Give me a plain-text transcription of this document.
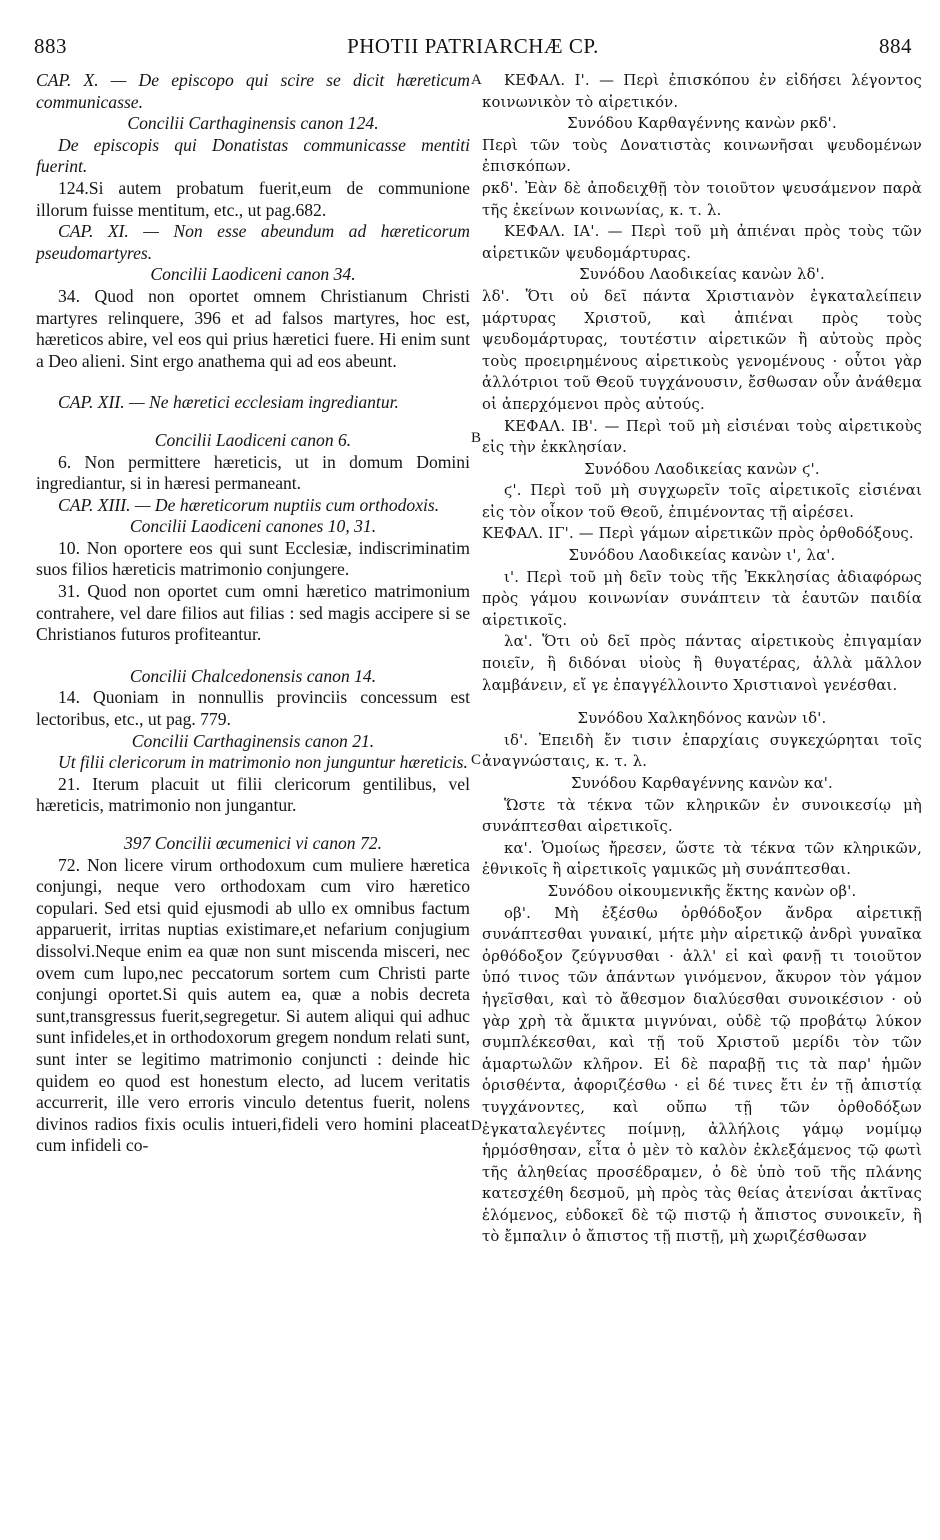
883	PHOTII PATRIARCHÆ CP.	884
CAP. X. — De episcopo qui scire se dicit hæreticum communicasse.
Concilii Carthaginensis canon 124.
De episcopis qui Donatistas communicasse mentiti fuerint.
124.Si autem probatum fuerit,eum de communione illorum fuisse mentitum, etc., ut pag.682.
CAP. XI. — Non esse abeundum ad hæreticorum pseudomartyres.
Concilii Laodiceni canon 34.
34. Quod non oportet omnem Christianum Christi martyres relinquere, 396 et ad falsos martyres, hoc est, hæreticos abire, vel eos qui prius hæretici fuere. Hi enim sunt a Deo alieni. Sint ergo anathema qui ad eos abeunt.
CAP. XII. — Ne hæretici ecclesiam ingrediantur.
Concilii Laodiceni canon 6.
6. Non permittere hæreticis, ut in domum Domini ingrediantur, si in hæresi permaneant.
CAP. XIII. — De hæreticorum nuptiis cum orthodoxis.
Concilii Laodiceni canones 10, 31.
10. Non oportere eos qui sunt Ecclesiæ, indiscriminatim suos filios hæreticis matrimonio conjungere.
31. Quod non oportet cum omni hæretico matrimonium contrahere, vel dare filios aut filias : sed magis accipere si se Christianos futuros profiteantur.
Concilii Chalcedonensis canon 14.
14. Quoniam in nonnullis provinciis concessum est lectoribus, etc., ut pag. 779.
Concilii Carthaginensis canon 21.
Ut filii clericorum in matrimonio non junguntur hæreticis.
21. Iterum placuit ut filii clericorum gentilibus, vel hæreticis, matrimonio non jungantur.
397 Concilii œcumenici vi canon 72.
72. Non licere virum orthodoxum cum muliere hæretica conjungi, neque vero orthodoxam cum viro hæretico copulari. Sed etsi quid ejusmodi ab ullo ex omnibus factum apparuerit, irritas nuptias existimare,et nefarium conjugium dissolvi.Neque enim ea quæ non sunt miscenda misceri, nec ovem cum lupo,nec peccatorum sortem cum Christi parte conjungi oportet.Si quis autem ea, quæ a nobis decreta sunt,transgressus fuerit,segregetur. Si autem aliqui qui adhuc sunt infideles,et in orthodoxorum gregem nondum relati sunt, sunt inter se legitimo matrimonio conjuncti : deinde hic quidem eo quod est honestum electo, ad lucem veritatis accurrerit, ille vero erroris vinculo detentus fuerit, nolens divinos radios fixis oculis intueri,fideli vero homini placeat cum infideli co-
ΚΕΦΑΛ. Ι'. — Περὶ ἐπισκόπου ἐν εἰδήσει λέγοντος κοινωνικὸν τὸ αἱρετικόν.
Συνόδου Καρθαγέννης κανὼν ρκδ'.
Περὶ τῶν τοὺς Δονατιστὰς κοινωνῆσαι ψευδομένων ἐπισκόπων.
ρκδ'. Ἐὰν δὲ ἀποδειχθῇ τὸν τοιοῦτον ψευσάμενον παρὰ τῆς ἐκείνων κοινωνίας, κ. τ. λ.
ΚΕΦΑΛ. ΙΑ'. — Περὶ τοῦ μὴ ἀπιέναι πρὸς τοὺς τῶν αἱρετικῶν ψευδομάρτυρας.
Συνόδου Λαοδικείας κανὼν λδ'.
λδ'. Ὅτι οὐ δεῖ πάντα Χριστιανὸν ἐγκαταλείπειν μάρτυρας Χριστοῦ, καὶ ἀπιέναι πρὸς τοὺς ψευδομάρτυρας, τουτέστιν αἱρετικῶν ἢ αὐτοὺς πρὸς τοὺς προειρημένους αἱρετικοὺς γενομένους · οὗτοι γὰρ ἀλλότριοι τοῦ Θεοῦ τυγχάνουσιν, ἔσθωσαν οὖν ἀνάθεμα οἱ ἀπερχόμενοι πρὸς αὐτούς.
ΚΕΦΑΛ. ΙΒ'. — Περὶ τοῦ μὴ εἰσιέναι τοὺς αἱρετικοὺς εἰς τὴν ἐκκλησίαν.
Συνόδου Λαοδικείας κανὼν ϛ'.
ϛ'. Περὶ τοῦ μὴ συγχωρεῖν τοῖς αἱρετικοῖς εἰσιέναι εἰς τὸν οἶκον τοῦ Θεοῦ, ἐπιμένοντας τῇ αἱρέσει.
ΚΕΦΑΛ. ΙΓ'. — Περὶ γάμων αἱρετικῶν πρὸς ὀρθοδόξους.
Συνόδου Λαοδικείας κανὼν ι', λα'.
ι'. Περὶ τοῦ μὴ δεῖν τοὺς τῆς Ἐκκλησίας ἀδιαφόρως πρὸς γάμου κοινωνίαν συνάπτειν τὰ ἑαυτῶν παιδία αἱρετικοῖς.
λα'. Ὅτι οὐ δεῖ πρὸς πάντας αἱρετικοὺς ἐπιγαμίαν ποιεῖν, ἢ διδόναι υἱοὺς ἢ θυγατέρας, ἀλλὰ μᾶλλον λαμβάνειν, εἴ γε ἐπαγγέλλοιντο Χριστιανοὶ γενέσθαι.
Συνόδου Χαλκηδόνος κανὼν ιδ'.
ιδ'. Ἐπειδὴ ἔν τισιν ἐπαρχίαις συγκεχώρηται τοῖς ἀναγνώσταις, κ. τ. λ.
Συνόδου Καρθαγέννης κανὼν κα'.
Ὥστε τὰ τέκνα τῶν κληρικῶν ἐν συνοικεσίῳ μὴ συνάπτεσθαι αἱρετικοῖς.
κα'. Ὁμοίως ἤρεσεν, ὥστε τὰ τέκνα τῶν κληρικῶν, ἐθνικοῖς ἢ αἱρετικοῖς γαμικῶς μὴ συνάπτεσθαι.
Συνόδου οἰκουμενικῆς ἕκτης κανὼν οβ'.
οβ'. Μὴ ἐξέσθω ὀρθόδοξον ἄνδρα αἱρετικῇ συνάπτεσθαι γυναικί, μήτε μὴν αἱρετικῷ ἀνδρὶ γυναῖκα ὀρθόδοξον ζεύγνυσθαι · ἀλλ' εἰ καὶ φανῇ τι τοιοῦτον ὑπό τινος τῶν ἁπάντων γινόμενον, ἄκυρον τὸν γάμον ἡγεῖσθαι, καὶ τὸ ἄθεσμον διαλύεσθαι συνοικέσιον · οὐ γὰρ χρὴ τὰ ἄμικτα μιγνύναι, οὐδὲ τῷ προβάτῳ λύκον συμπλέκεσθαι, καὶ τῇ τοῦ Χριστοῦ μερίδι τὸν τῶν ἁμαρτωλῶν κλῆρον. Εἰ δὲ παραβῇ τις τὰ παρ' ἡμῶν ὁρισθέντα, ἀφοριζέσθω · εἰ δέ τινες ἔτι ἐν τῇ ἀπιστίᾳ τυγχάνοντες, καὶ οὔπω τῇ τῶν ὀρθοδόξων ἐγκαταλεγέντες ποίμνῃ, ἀλλήλοις γάμῳ νομίμῳ ἡρμόσθησαν, εἶτα ὁ μὲν τὸ καλὸν ἐκλεξάμενος τῷ φωτὶ τῆς ἀληθείας προσέδραμεν, ὁ δὲ ὑπὸ τοῦ τῆς πλάνης κατεσχέθη δεσμοῦ, μὴ πρὸς τὰς θείας ἀτενίσαι ἀκτῖνας ἑλόμενος, εὐδοκεῖ δὲ τῷ πιστῷ ἡ ἄπιστος συνοικεῖν, ἢ τὸ ἔμπαλιν ὁ ἄπιστος τῇ πιστῇ, μὴ χωριζέσθωσαν
A
B
C
D
